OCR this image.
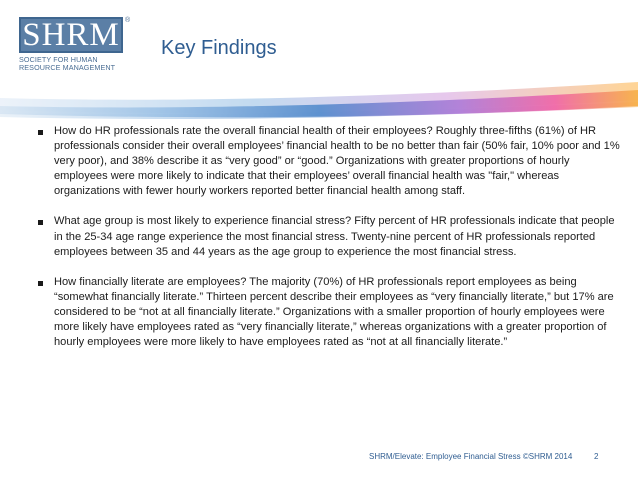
SHRM ®
SOCIETY FOR HUMAN
RESOURCE MANAGEMENT
Key Findings
How do HR professionals rate the overall financial health of their employees? Roughly three-fifths (61%) of HR professionals consider their overall employees’ financial health to be no better than fair (50% fair, 10% poor and 1% very poor), and 38% describe it as “very good” or “good.” Organizations with greater proportions of hourly employees were more likely to indicate that their employees’ overall financial health was "fair," whereas organizations with fewer hourly workers reported better financial health among staff.
What age group is most likely to experience financial stress? Fifty percent of HR professionals indicate that people in the 25-34 age range experience the most financial stress. Twenty-nine percent of HR professionals reported employees between 35 and 44 years as the age group to experience the most financial stress.
How financially literate are employees? The majority (70%) of HR professionals report employees as being “somewhat financially literate.” Thirteen percent describe their employees as “very financially literate,” but 17% are considered to be “not at all financially literate.” Organizations with a smaller proportion of hourly employees were more likely have employees rated as “very financially literate,” whereas organizations with a greater proportion of hourly employees were more likely to have employees rated as “not at all financially literate.”
SHRM/Elevate: Employee Financial Stress ©SHRM 2014	2
